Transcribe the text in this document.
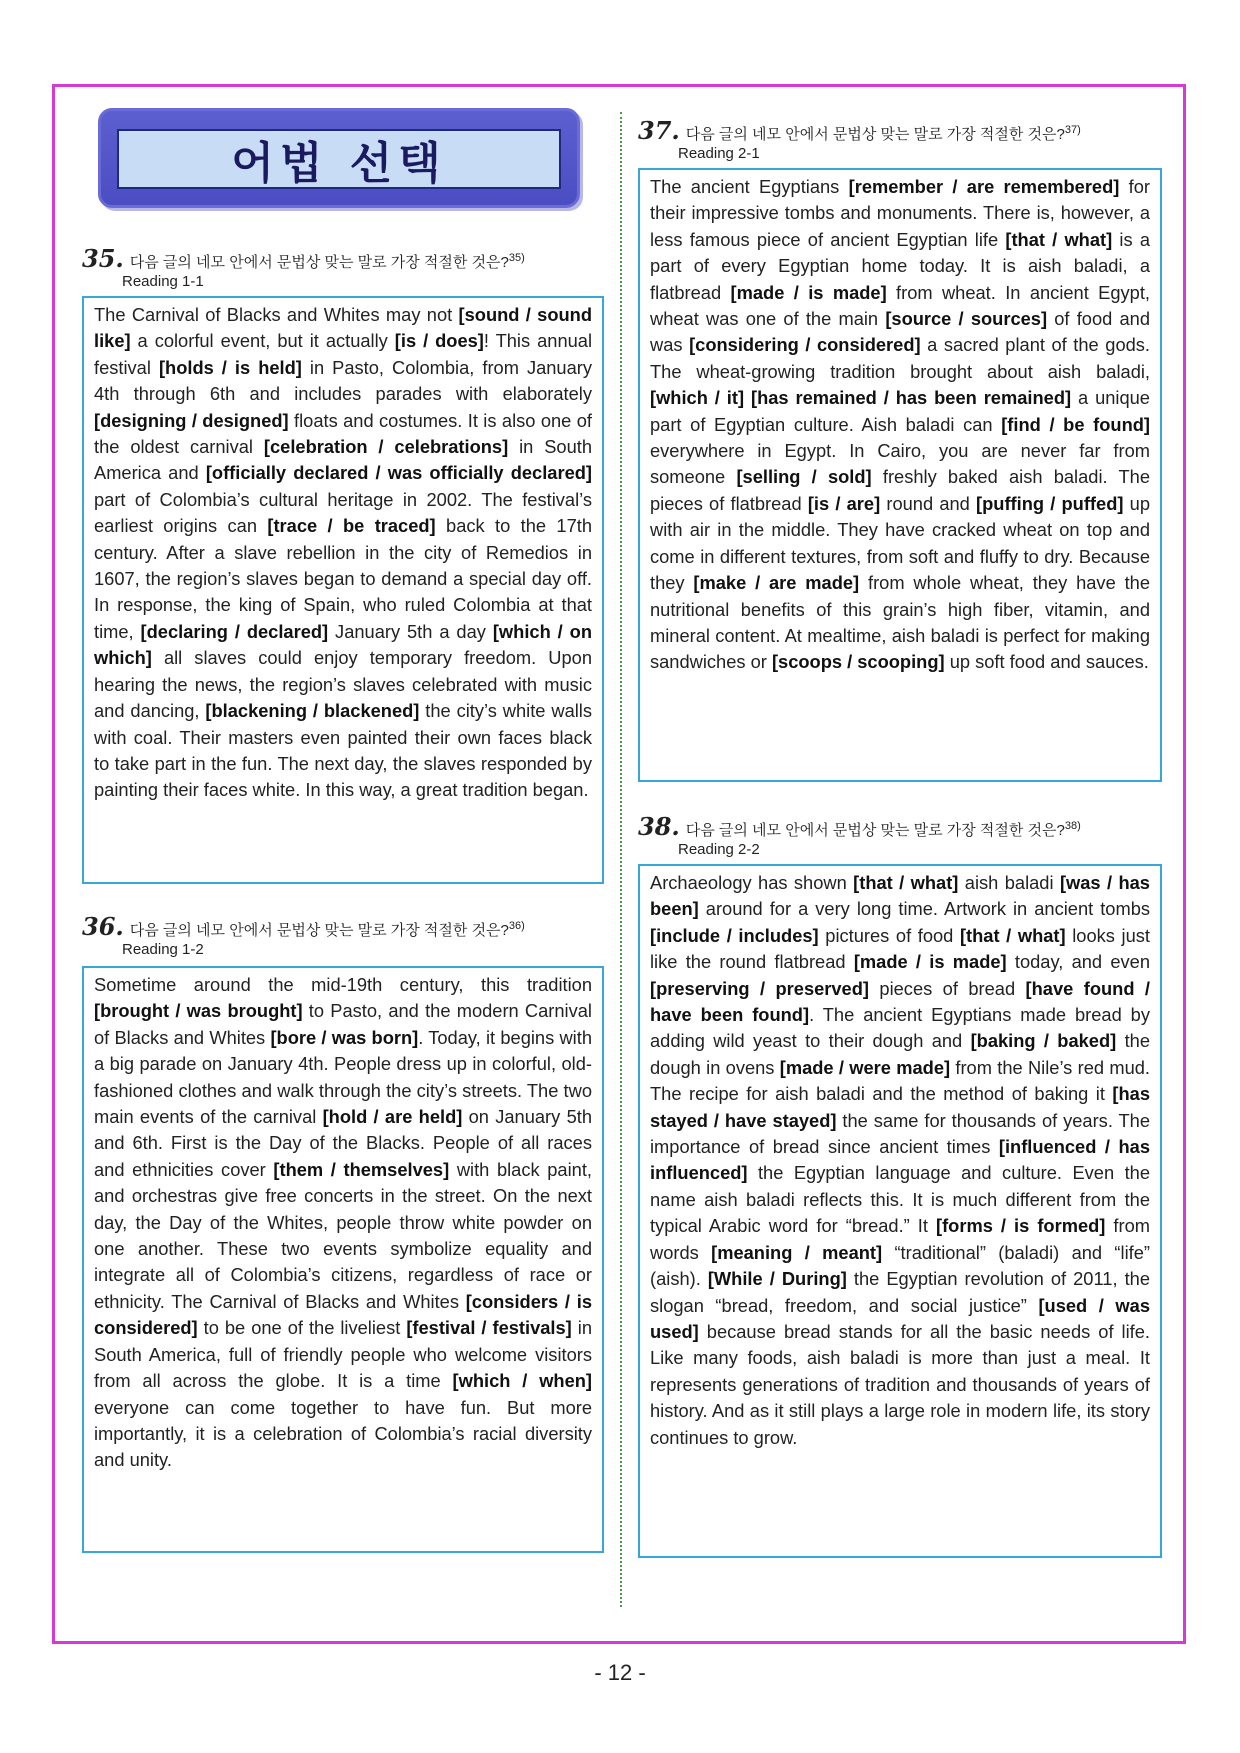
어법 선택
35. 다음 글의 네모 안에서 문법상 맞는 말로 가장 적절한 것은?$^{35)}$
Reading 1-1
The Carnival of Blacks and Whites may not [sound / sound like] a colorful event, but it actually [is / does]! This annual festival [holds / is held] in Pasto, Colombia, from January 4th through 6th and includes parades with elaborately [designing / designed] floats and costumes. It is also one of the oldest carnival [celebration / celebrations] in South America and [officially declared / was officially declared] part of Colombia’s cultural heritage in 2002. The festival’s earliest origins can [trace / be traced] back to the 17th century. After a slave rebellion in the city of Remedios in 1607, the region’s slaves began to demand a special day off. In response, the king of Spain, who ruled Colombia at that time, [declaring / declared] January 5th a day [which / on which] all slaves could enjoy temporary freedom. Upon hearing the news, the region’s slaves celebrated with music and dancing, [blackening / blackened] the city’s white walls with coal. Their masters even painted their own faces black to take part in the fun. The next day, the slaves responded by painting their faces white. In this way, a great tradition began.
36. 다음 글의 네모 안에서 문법상 맞는 말로 가장 적절한 것은?$^{36)}$
Reading 1-2
Sometime around the mid-19th century, this tradition [brought / was brought] to Pasto, and the modern Carnival of Blacks and Whites [bore / was born]. Today, it begins with a big parade on January 4th. People dress up in colorful, old-fashioned clothes and walk through the city’s streets. The two main events of the carnival [hold / are held] on January 5th and 6th. First is the Day of the Blacks. People of all races and ethnicities cover [them / themselves] with black paint, and orchestras give free concerts in the street. On the next day, the Day of the Whites, people throw white powder on one another. These two events symbolize equality and integrate all of Colombia’s citizens, regardless of race or ethnicity. The Carnival of Blacks and Whites [considers / is considered] to be one of the liveliest [festival / festivals] in South America, full of friendly people who welcome visitors from all across the globe. It is a time [which / when] everyone can come together to have fun. But more importantly, it is a celebration of Colombia’s racial diversity and unity.
37. 다음 글의 네모 안에서 문법상 맞는 말로 가장 적절한 것은?$^{37)}$
Reading 2-1
The ancient Egyptians [remember / are remembered] for their impressive tombs and monuments. There is, however, a less famous piece of ancient Egyptian life [that / what] is a part of every Egyptian home today. It is aish baladi, a flatbread [made / is made] from wheat. In ancient Egypt, wheat was one of the main [source / sources] of food and was [considering / considered] a sacred plant of the gods. The wheat-growing tradition brought about aish baladi, [which / it] [has remained / has been remained] a unique part of Egyptian culture. Aish baladi can [find / be found] everywhere in Egypt. In Cairo, you are never far from someone [selling / sold] freshly baked aish baladi. The pieces of flatbread [is / are] round and [puffing / puffed] up with air in the middle. They have cracked wheat on top and come in different textures, from soft and fluffy to dry. Because they [make / are made] from whole wheat, they have the nutritional benefits of this grain’s high fiber, vitamin, and mineral content. At mealtime, aish baladi is perfect for making sandwiches or [scoops / scooping] up soft food and sauces.
38. 다음 글의 네모 안에서 문법상 맞는 말로 가장 적절한 것은?$^{38)}$
Reading 2-2
Archaeology has shown [that / what] aish baladi [was / has been] around for a very long time. Artwork in ancient tombs [include / includes] pictures of food [that / what] looks just like the round flatbread [made / is made] today, and even [preserving / preserved] pieces of bread [have found / have been found]. The ancient Egyptians made bread by adding wild yeast to their dough and [baking / baked] the dough in ovens [made / were made] from the Nile’s red mud. The recipe for aish baladi and the method of baking it [has stayed / have stayed] the same for thousands of years. The importance of bread since ancient times [influenced / has influenced] the Egyptian language and culture. Even the name aish baladi reflects this. It is much different from the typical Arabic word for “bread.” It [forms / is formed] from words [meaning / meant] “traditional” (baladi) and “life” (aish). [While / During] the Egyptian revolution of 2011, the slogan “bread, freedom, and social justice” [used / was used] because bread stands for all the basic needs of life. Like many foods, aish baladi is more than just a meal. It represents generations of tradition and thousands of years of history. And as it still plays a large role in modern life, its story continues to grow.
- 12 -
